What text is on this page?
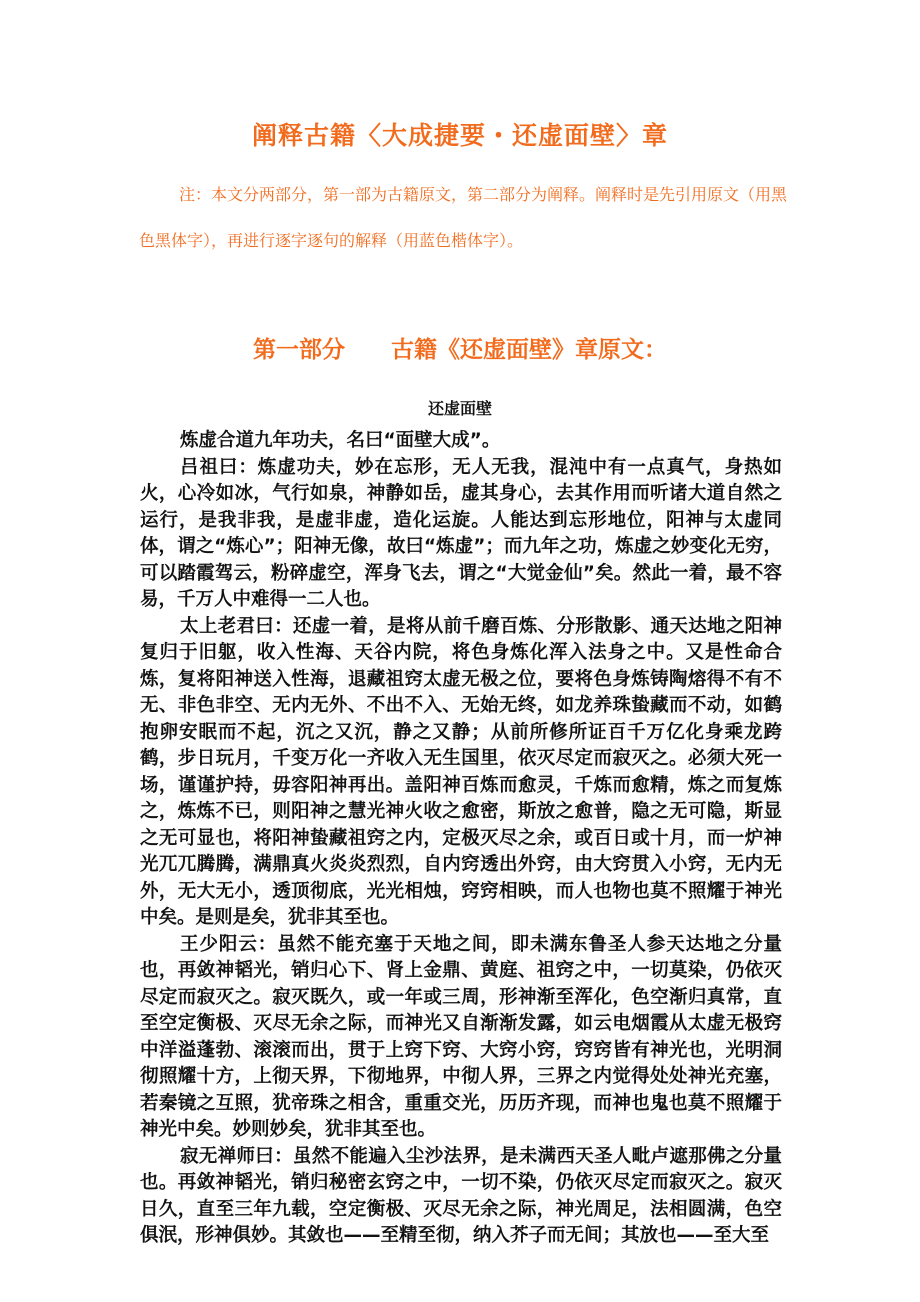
阐释古籍〈大成捷要・还虚面壁〉章

注：本文分两部分，第一部为古籍原文，第二部分为阐释。阐释时是先引用原文（用黑色黑体字），再进行逐字逐句的解释（用蓝色楷体字）。

第一部分　　古籍《还虚面壁》章原文：
还虚面壁

炼虚合道九年功夫，名曰“面壁大成”。

吕祖曰：炼虚功夫，妙在忘形，无人无我，混沌中有一点真气，身热如火，心冷如冰，气行如泉，神静如岳，虚其身心，去其作用而听诸大道自然之运行，是我非我，是虚非虚，造化运旋。人能达到忘形地位，阳神与太虚同体，谓之“炼心”；阳神无像，故曰“炼虚”；而九年之功，炼虚之妙变化无穷，可以踏霞驾云，粉碎虚空，浑身飞去，谓之“大觉金仙”矣。然此一着，最不容易，千万人中难得一二人也。

太上老君曰：还虚一着，是将从前千磨百炼、分形散影、通天达地之阳神复归于旧躯，收入性海、天谷内院，将色身炼化浑入法身之中。又是性命合炼，复将阳神送入性海，退藏祖窍太虚无极之位，要将色身炼铸陶熔得不有不无、非色非空、无内无外、不出不入、无始无终，如龙养珠蛰藏而不动，如鹤抱卵安眠而不起，沉之又沉，静之又静；从前所修所证百千万亿化身乘龙跨鹤，步日玩月，千变万化一齐收入无生国里，依灭尽定而寂灭之。必须大死一场，谨谨护持，毋容阳神再出。盖阳神百炼而愈灵，千炼而愈精，炼之而复炼之，炼炼不已，则阳神之慧光神火收之愈密，斯放之愈普，隐之无可隐，斯显之无可显也，将阳神蛰藏祖窍之内，定极灭尽之余，或百日或十月，而一炉神光兀兀腾腾，满鼎真火炎炎烈烈，自内窍透出外窍，由大窍贯入小窍，无内无外，无大无小，透顶彻底，光光相烛，窍窍相映，而人也物也莫不照耀于神光中矣。是则是矣，犹非其至也。

王少阳云：虽然不能充塞于天地之间，即未满东鲁圣人参天达地之分量也，再敛神韬光，销归心下、肾上金鼎、黄庭、祖窍之中，一切莫染，仍依灭尽定而寂灭之。寂灭既久，或一年或三周，形神渐至浑化，色空渐归真常，直至空定衡极、灭尽无余之际，而神光又自渐渐发露，如云电烟霞从太虚无极窍中洋溢蓬勃、滚滚而出，贯于上窍下窍、大窍小窍，窍窍皆有神光也，光明洞彻照耀十方，上彻天界，下彻地界，中彻人界，三界之内觉得处处神光充塞，若秦镜之互照，犹帝珠之相含，重重交光，历历齐现，而神也鬼也莫不照耀于神光中矣。妙则妙矣，犹非其至也。

寂无禅师曰：虽然不能遍入尘沙法界，是未满西天圣人毗卢遮那佛之分量也。再敛神韬光，销归秘密玄窍之中，一切不染，仍依灭尽定而寂灭之。寂灭日久，直至三年九载，空定衡极、灭尽无余之际，神光周足，法相圆满，色空俱泯，形神俱妙。其敛也——至精至彻，纳入芥子而无间；其放也——至大至
